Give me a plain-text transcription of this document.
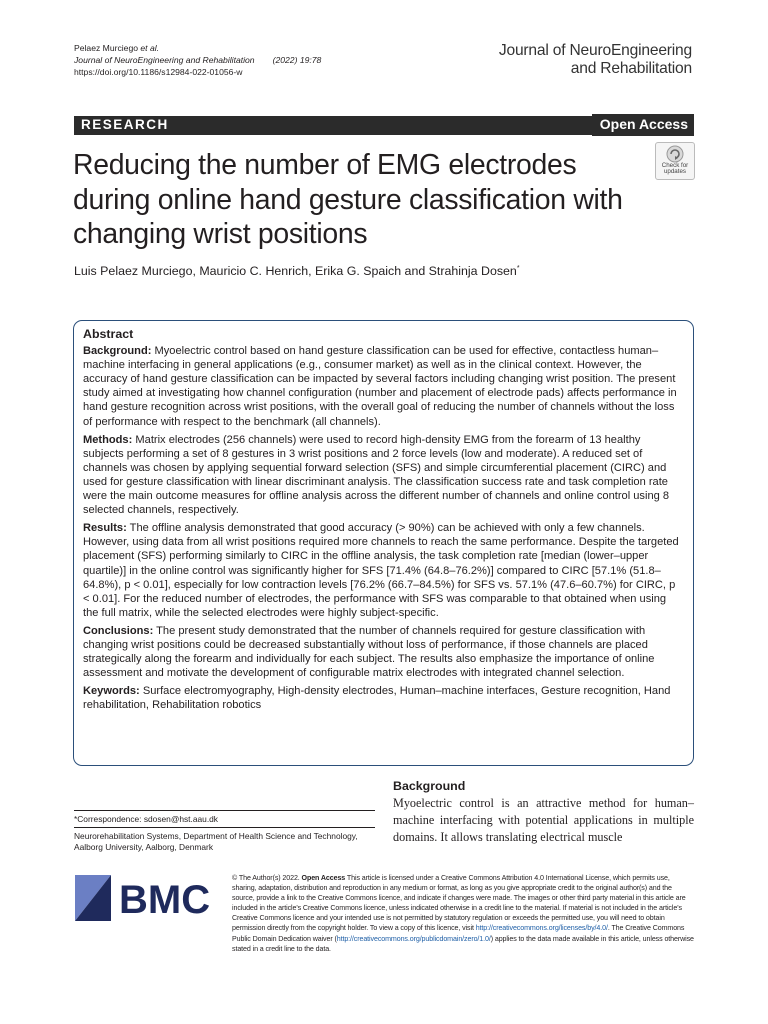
Pelaez Murciego et al.
Journal of NeuroEngineering and Rehabilitation (2022) 19:78
https://doi.org/10.1186/s12984-022-01056-w
Journal of NeuroEngineering
and Rehabilitation
RESEARCH	Open Access
Reducing the number of EMG electrodes during online hand gesture classification with changing wrist positions
Check for
updates
Luis Pelaez Murciego, Mauricio C. Henrich, Erika G. Spaich and Strahinja Dosen*
Abstract

Background: Myoelectric control based on hand gesture classification can be used for effective, contactless human–machine interfacing in general applications (e.g., consumer market) as well as in the clinical context. However, the accuracy of hand gesture classification can be impacted by several factors including changing wrist position. The present study aimed at investigating how channel configuration (number and placement of electrode pads) affects performance in hand gesture recognition across wrist positions, with the overall goal of reducing the number of channels without the loss of performance with respect to the benchmark (all channels).

Methods: Matrix electrodes (256 channels) were used to record high-density EMG from the forearm of 13 healthy subjects performing a set of 8 gestures in 3 wrist positions and 2 force levels (low and moderate). A reduced set of channels was chosen by applying sequential forward selection (SFS) and simple circumferential placement (CIRC) and used for gesture classification with linear discriminant analysis. The classification success rate and task completion rate were the main outcome measures for offline analysis across the different number of channels and online control using 8 selected channels, respectively.

Results: The offline analysis demonstrated that good accuracy (> 90%) can be achieved with only a few channels. However, using data from all wrist positions required more channels to reach the same performance. Despite the targeted placement (SFS) performing similarly to CIRC in the offline analysis, the task completion rate [median (lower–upper quartile)] in the online control was significantly higher for SFS [71.4% (64.8–76.2%)] compared to CIRC [57.1% (51.8–64.8%), p < 0.01], especially for low contraction levels [76.2% (66.7–84.5%) for SFS vs. 57.1% (47.6–60.7%) for CIRC, p < 0.01]. For the reduced number of electrodes, the performance with SFS was comparable to that obtained when using the full matrix, while the selected electrodes were highly subject-specific.

Conclusions: The present study demonstrated that the number of channels required for gesture classification with changing wrist positions could be decreased substantially without loss of performance, if those channels are placed strategically along the forearm and individually for each subject. The results also emphasize the importance of online assessment and motivate the development of configurable matrix electrodes with integrated channel selection.

Keywords: Surface electromyography, High-density electrodes, Human–machine interfaces, Gesture recognition, Hand rehabilitation, Rehabilitation robotics

*Correspondence: sdosen@hst.aau.dk
Neurorehabilitation Systems, Department of Health Science and Technology, Aalborg University, Aalborg, Denmark
Background
Myoelectric control is an attractive method for human–machine interfacing with potential applications in multiple domains. It allows translating electrical muscle
BMC	© The Author(s) 2022. Open Access This article is licensed under a Creative Commons Attribution 4.0 International License, which permits use, sharing, adaptation, distribution and reproduction in any medium or format, as long as you give appropriate credit to the original author(s) and the source, provide a link to the Creative Commons licence, and indicate if changes were made. The images or other third party material in this article are included in the article's Creative Commons licence, unless indicated otherwise in a credit line to the material. If material is not included in the article's Creative Commons licence and your intended use is not permitted by statutory regulation or exceeds the permitted use, you will need to obtain permission directly from the copyright holder. To view a copy of this licence, visit http://creativecommons.org/licenses/by/4.0/. The Creative Commons Public Domain Dedication waiver (http://creativecommons.org/publicdomain/zero/1.0/) applies to the data made available in this article, unless otherwise stated in a credit line to the data.
